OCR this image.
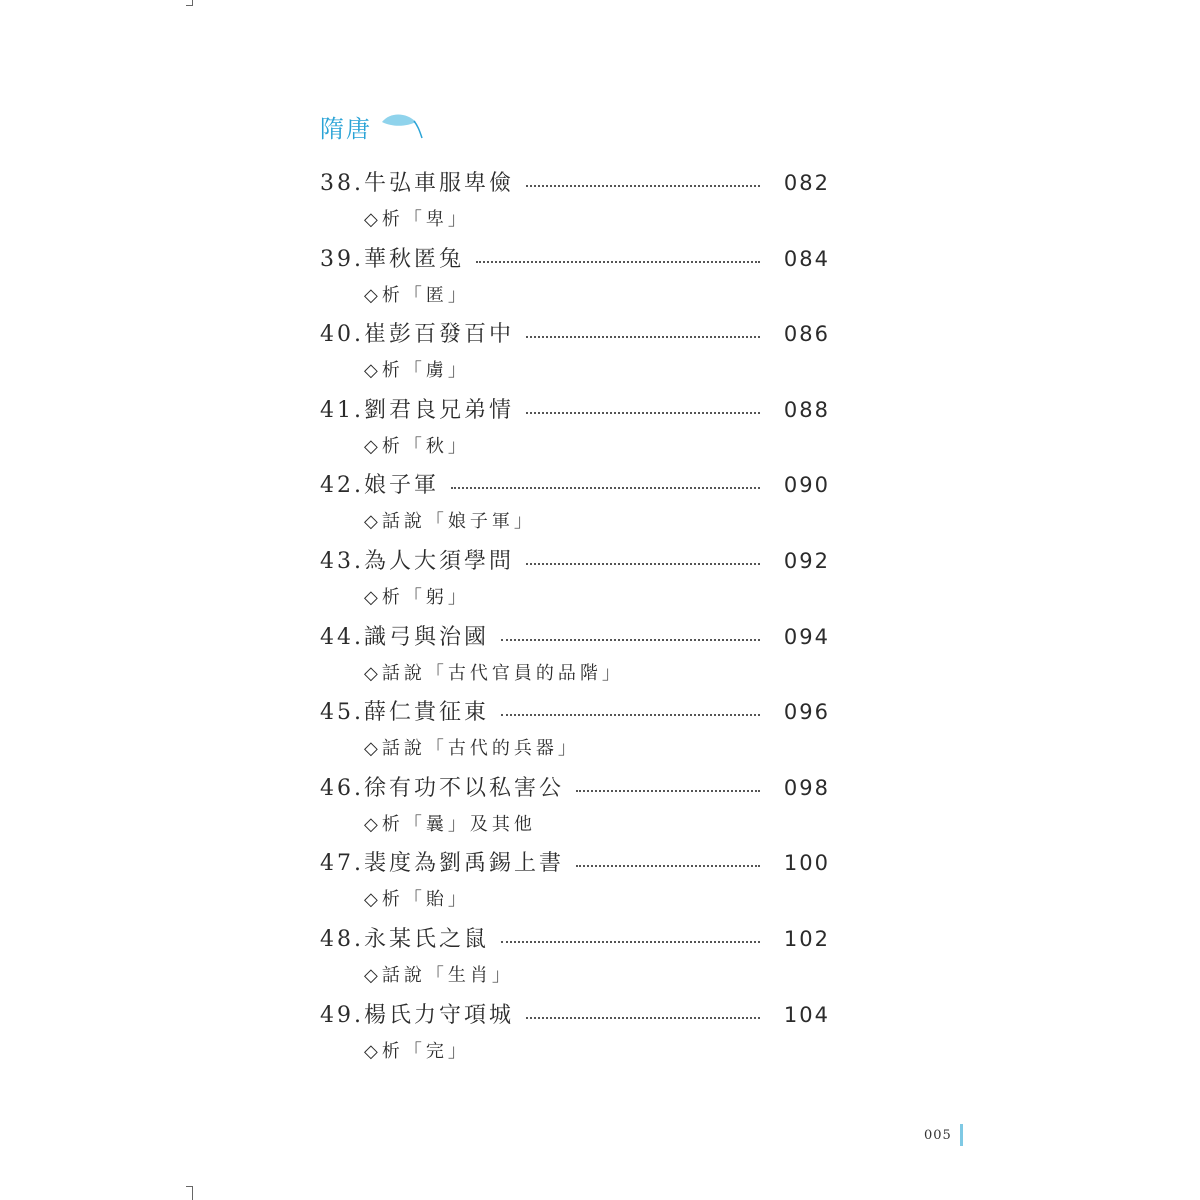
隋唐
38.牛弘車服卑儉	082
◇析「卑」
39.華秋匿兔	084
◇析「匿」
40.崔彭百發百中	086
◇析「虜」
41.劉君良兄弟情	088
◇析「秋」
42.娘子軍	090
◇話說「娘子軍」
43.為人大須學問	092
◇析「躬」
44.識弓與治國	094
◇話說「古代官員的品階」
45.薛仁貴征東	096
◇話說「古代的兵器」
46.徐有功不以私害公	098
◇析「曩」及其他
47.裴度為劉禹錫上書	100
◇析「貽」
48.永某氏之鼠	102
◇話說「生肖」
49.楊氏力守項城	104
◇析「完」
005
